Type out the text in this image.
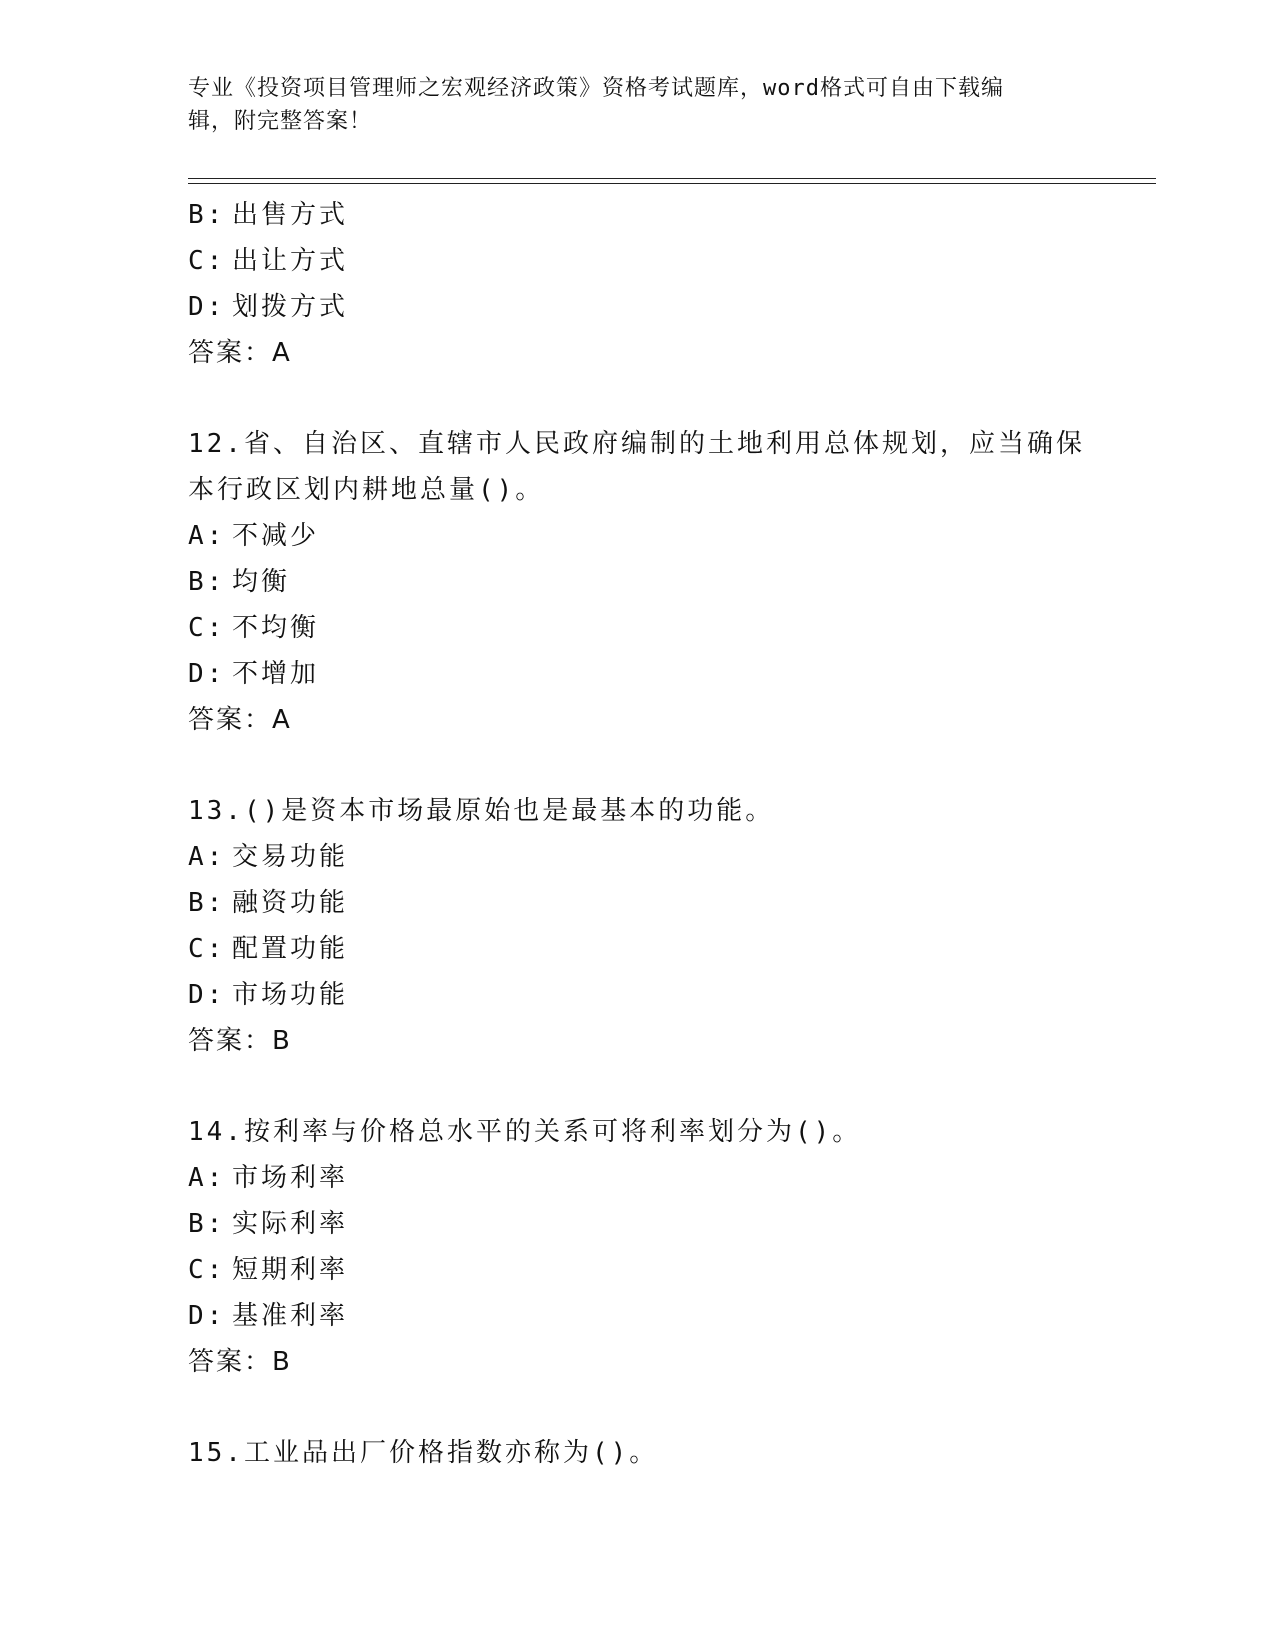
专业《投资项目管理师之宏观经济政策》资格考试题库，word格式可自由下载编
辑，附完整答案！
B: 出售方式
C: 出让方式
D: 划拨方式
答案：A
12.省、自治区、直辖市人民政府编制的土地利用总体规划，应当确保
本行政区划内耕地总量()。
A: 不减少
B: 均衡
C: 不均衡
D: 不增加
答案：A
13.()是资本市场最原始也是最基本的功能。
A: 交易功能
B: 融资功能
C: 配置功能
D: 市场功能
答案：B
14.按利率与价格总水平的关系可将利率划分为()。
A: 市场利率
B: 实际利率
C: 短期利率
D: 基准利率
答案：B
15.工业品出厂价格指数亦称为()。
